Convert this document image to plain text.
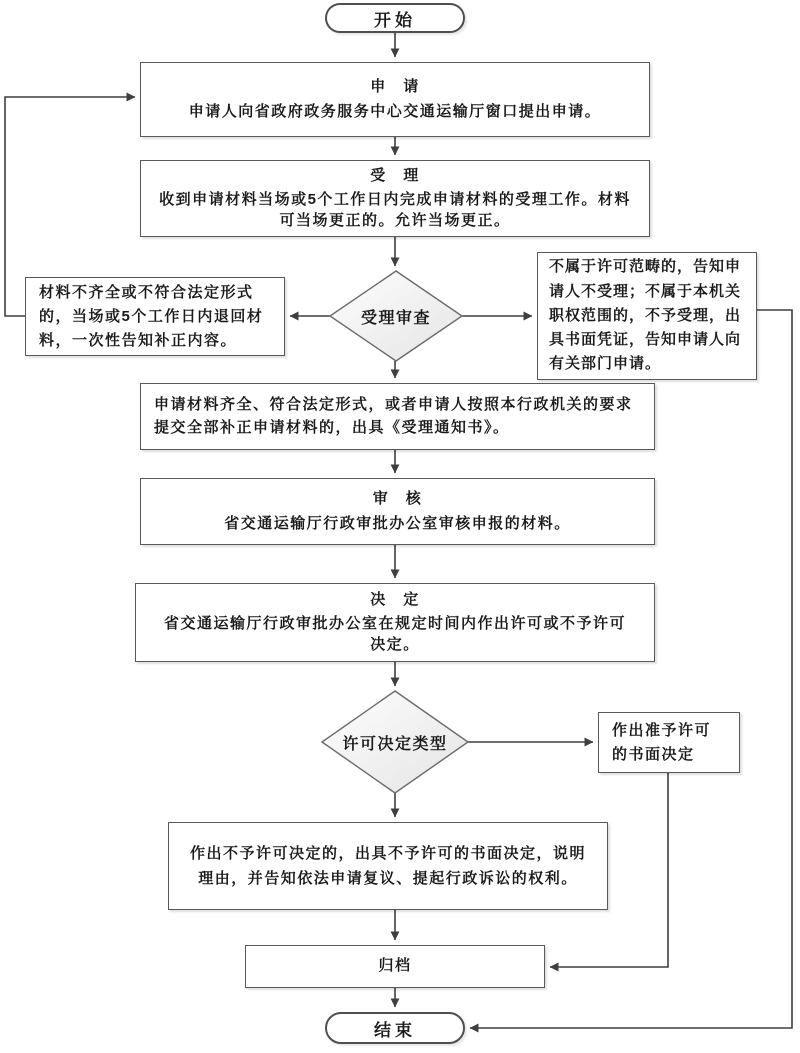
开始
申　请
申请人向省政府政务服务中心交通运输厅窗口提出申请。
受　理
收到申请材料当场或5个工作日内完成申请材料的受理工作。材料可当场更正的。允许当场更正。
受理审查
材料不齐全或不符合法定形式的，当场或5个工作日内退回材料，一次性告知补正内容。
不属于许可范畴的，告知申请人不受理；不属于本机关职权范围的，不予受理，出具书面凭证，告知申请人向有关部门申请。
申请材料齐全、符合法定形式，或者申请人按照本行政机关的要求提交全部补正申请材料的，出具《受理通知书》。
审　核
省交通运输厅行政审批办公室审核申报的材料。
决　定
省交通运输厅行政审批办公室在规定时间内作出许可或不予许可决定。
许可决定类型
作出准予许可的书面决定
作出不予许可决定的，出具不予许可的书面决定，说明理由，并告知依法申请复议、提起行政诉讼的权利。
归档
结束
